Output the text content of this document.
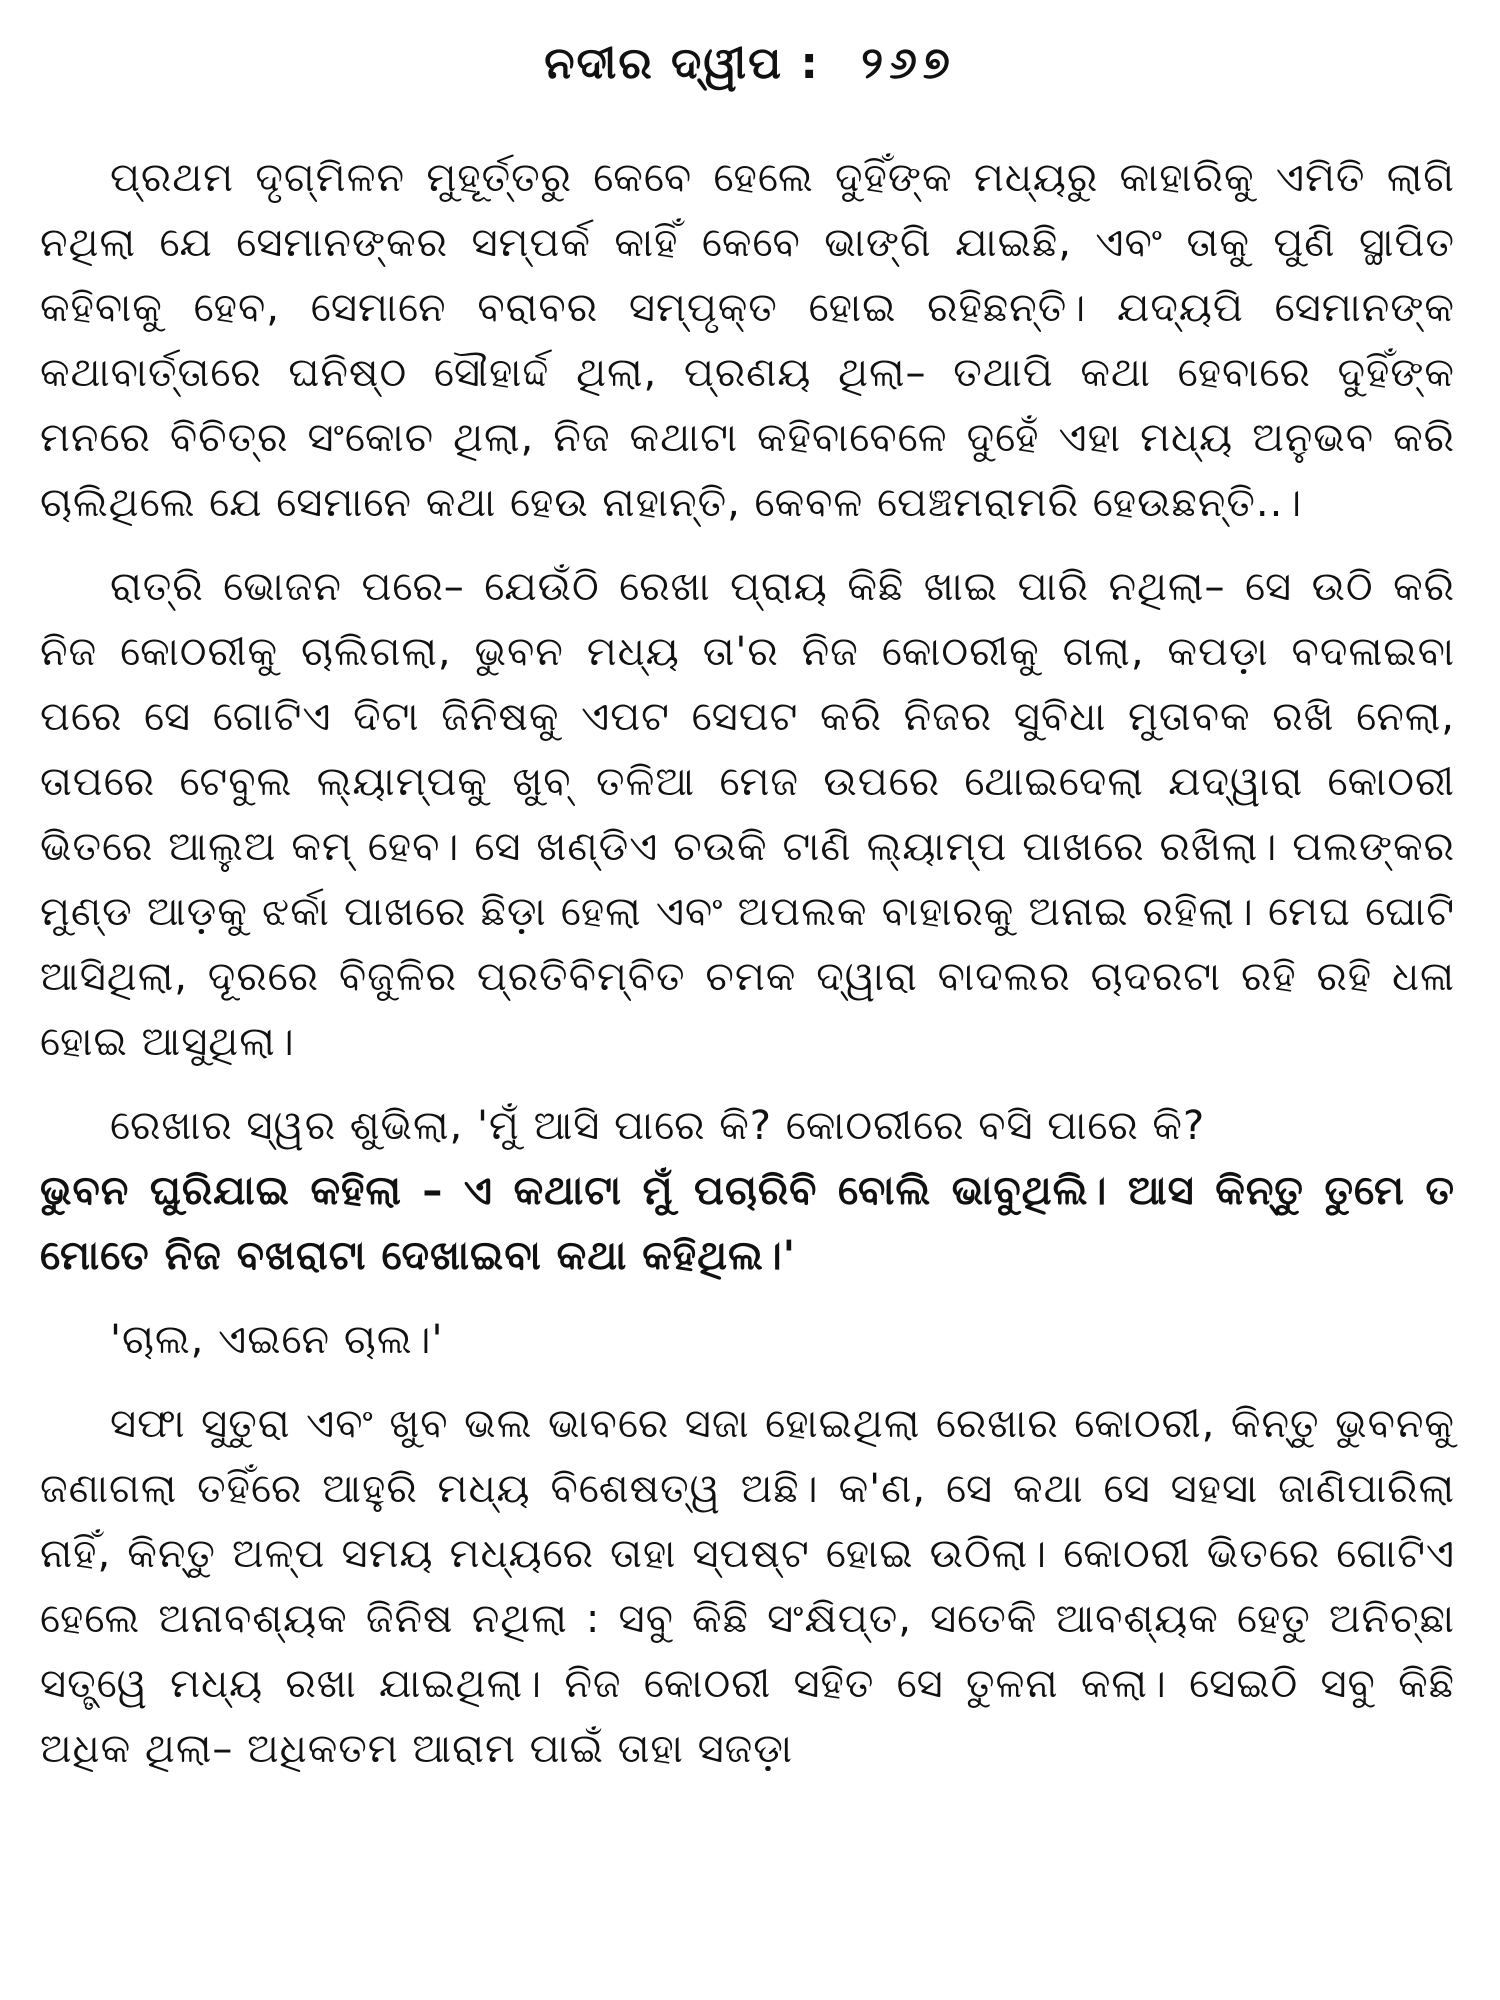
ନଦୀର ଦ୍ୱୀପ : ୨୬୭

ପ୍ରଥମ ଦୃଗ୍‌ମିଳନ ମୁହୂର୍ତ୍ତରୁ କେବେ ହେଲେ ଦୁହିଁଙ୍କ ମଧ୍ୟରୁ କାହାରିକୁ ଏମିତି ଲାଗି ନଥିଲା ଯେ ସେମାନଙ୍କର ସମ୍ପର୍କ କାହିଁ କେବେ ଭାଙ୍ଗି ଯାଇଛି, ଏବଂ ତାକୁ ପୁଣି ସ୍ଥାପିତ କହିବାକୁ ହେବ, ସେମାନେ ବରାବର ସମ୍ପୃକ୍ତ ହୋଇ ରହିଛନ୍ତି। ଯଦ୍ୟପି ସେମାନଙ୍କ କଥାବାର୍ତ୍ତାରେ ଘନିଷ୍ଠ ସୌହାର୍ଦ୍ଦ ଥିଲା, ପ୍ରଣୟ ଥିଲା– ତଥାପି କଥା ହେବାରେ ଦୁହିଁଙ୍କ ମନରେ ବିଚିତ୍ର ସଂକୋଚ ଥିଲା, ନିଜ କଥାଟା କହିବାବେଳେ ଦୁହେଁ ଏହା ମଧ୍ୟ ଅନୁଭବ କରି ଚାଲିଥିଲେ ଯେ ସେମାନେ କଥା ହେଉ ନାହାନ୍ତି, କେବଳ ପେଞ୍ଚମରାମରି ହେଉଛନ୍ତି..।

ରାତ୍ରି ଭୋଜନ ପରେ– ଯେଉଁଠି ରେଖା ପ୍ରାୟ କିଛି ଖାଇ ପାରି ନଥିଲା– ସେ ଉଠି କରି ନିଜ କୋଠରୀକୁ ଚାଲିଗଲା, ଭୁବନ ମଧ୍ୟ ତା'ର ନିଜ କୋଠରୀକୁ ଗଲା, କପଡ଼ା ବଦଳାଇବା ପରେ ସେ ଗୋଟିଏ ଦିଟା ଜିନିଷକୁ ଏପଟ ସେପଟ କରି ନିଜର ସୁବିଧା ମୁତାବକ ରଖି ନେଲା, ତାପରେ ଟେବୁଲ ଲ୍ୟାମ୍ପକୁ ଖୁବ୍ ତଳିଆ ମେଜ ଉପରେ ଥୋଇଦେଲା ଯଦ୍ୱାରା କୋଠରୀ ଭିତରେ ଆଲୁଅ କମ୍ ହେବ। ସେ ଖଣ୍ଡିଏ ଚଉକି ଟାଣି ଲ୍ୟାମ୍ପ ପାଖରେ ରଖିଲା। ପଲଙ୍କର ମୁଣ୍ଡ ଆଡ଼କୁ ଝର୍କା ପାଖରେ ଛିଡ଼ା ହେଲା ଏବଂ ଅପଲକ ବାହାରକୁ ଅନାଇ ରହିଲା। ମେଘ ଘୋଟି ଆସିଥିଲା, ଦୂରରେ ବିଜୁଳିର ପ୍ରତିବିମ୍ବିତ ଚମକ ଦ୍ୱାରା ବାଦଲର ଚାଦରଟା ରହି ରହି ଧଳା ହୋଇ ଆସୁଥିଲା।

ରେଖାର ସ୍ୱର ଶୁଭିଲା, 'ମୁଁ ଆସି ପାରେ କି? କୋଠରୀରେ ବସି ପାରେ କି?

ଭୁବନ ଘୁରିଯାଇ କହିଲା – ଏ କଥାଟା ମୁଁ ପଚାରିବି ବୋଲି ଭାବୁଥିଲି। ଆସ କିନ୍ତୁ ତୁମେ ତ ମୋତେ ନିଜ ବଖରାଟା ଦେଖାଇବା କଥା କହିଥିଲ।'

'ଚାଲ, ଏଇନେ ଚାଲ।'

ସଫା ସୁତୁରା ଏବଂ ଖୁବ ଭଲ ଭାବରେ ସଜା ହୋଇଥିଲା ରେଖାର କୋଠରୀ, କିନ୍ତୁ ଭୁବନକୁ ଜଣାଗଲା ତହିଁରେ ଆହୁରି ମଧ୍ୟ ବିଶେଷତ୍ୱ ଅଛି। କ'ଣ, ସେ କଥା ସେ ସହସା ଜାଣିପାରିଲା ନାହିଁ, କିନ୍ତୁ ଅଳ୍ପ ସମୟ ମଧ୍ୟରେ ତାହା ସ୍ପଷ୍ଟ ହୋଇ ଉଠିଲା। କୋଠରୀ ଭିତରେ ଗୋଟିଏ ହେଲେ ଅନାବଶ୍ୟକ ଜିନିଷ ନଥିଲା : ସବୁ କିଛି ସଂକ୍ଷିପ୍ତ, ସତେକି ଆବଶ୍ୟକ ହେତୁ ଅନିଚ୍ଛା ସତ୍ତ୍ୱେ ମଧ୍ୟ ରଖା ଯାଇଥିଲା। ନିଜ କୋଠରୀ ସହିତ ସେ ତୁଳନା କଲା। ସେଇଠି ସବୁ କିଛି ଅଧିକ ଥିଲା– ଅଧିକତମ ଆରାମ ପାଇଁ ତାହା ସଜଡ଼ା
